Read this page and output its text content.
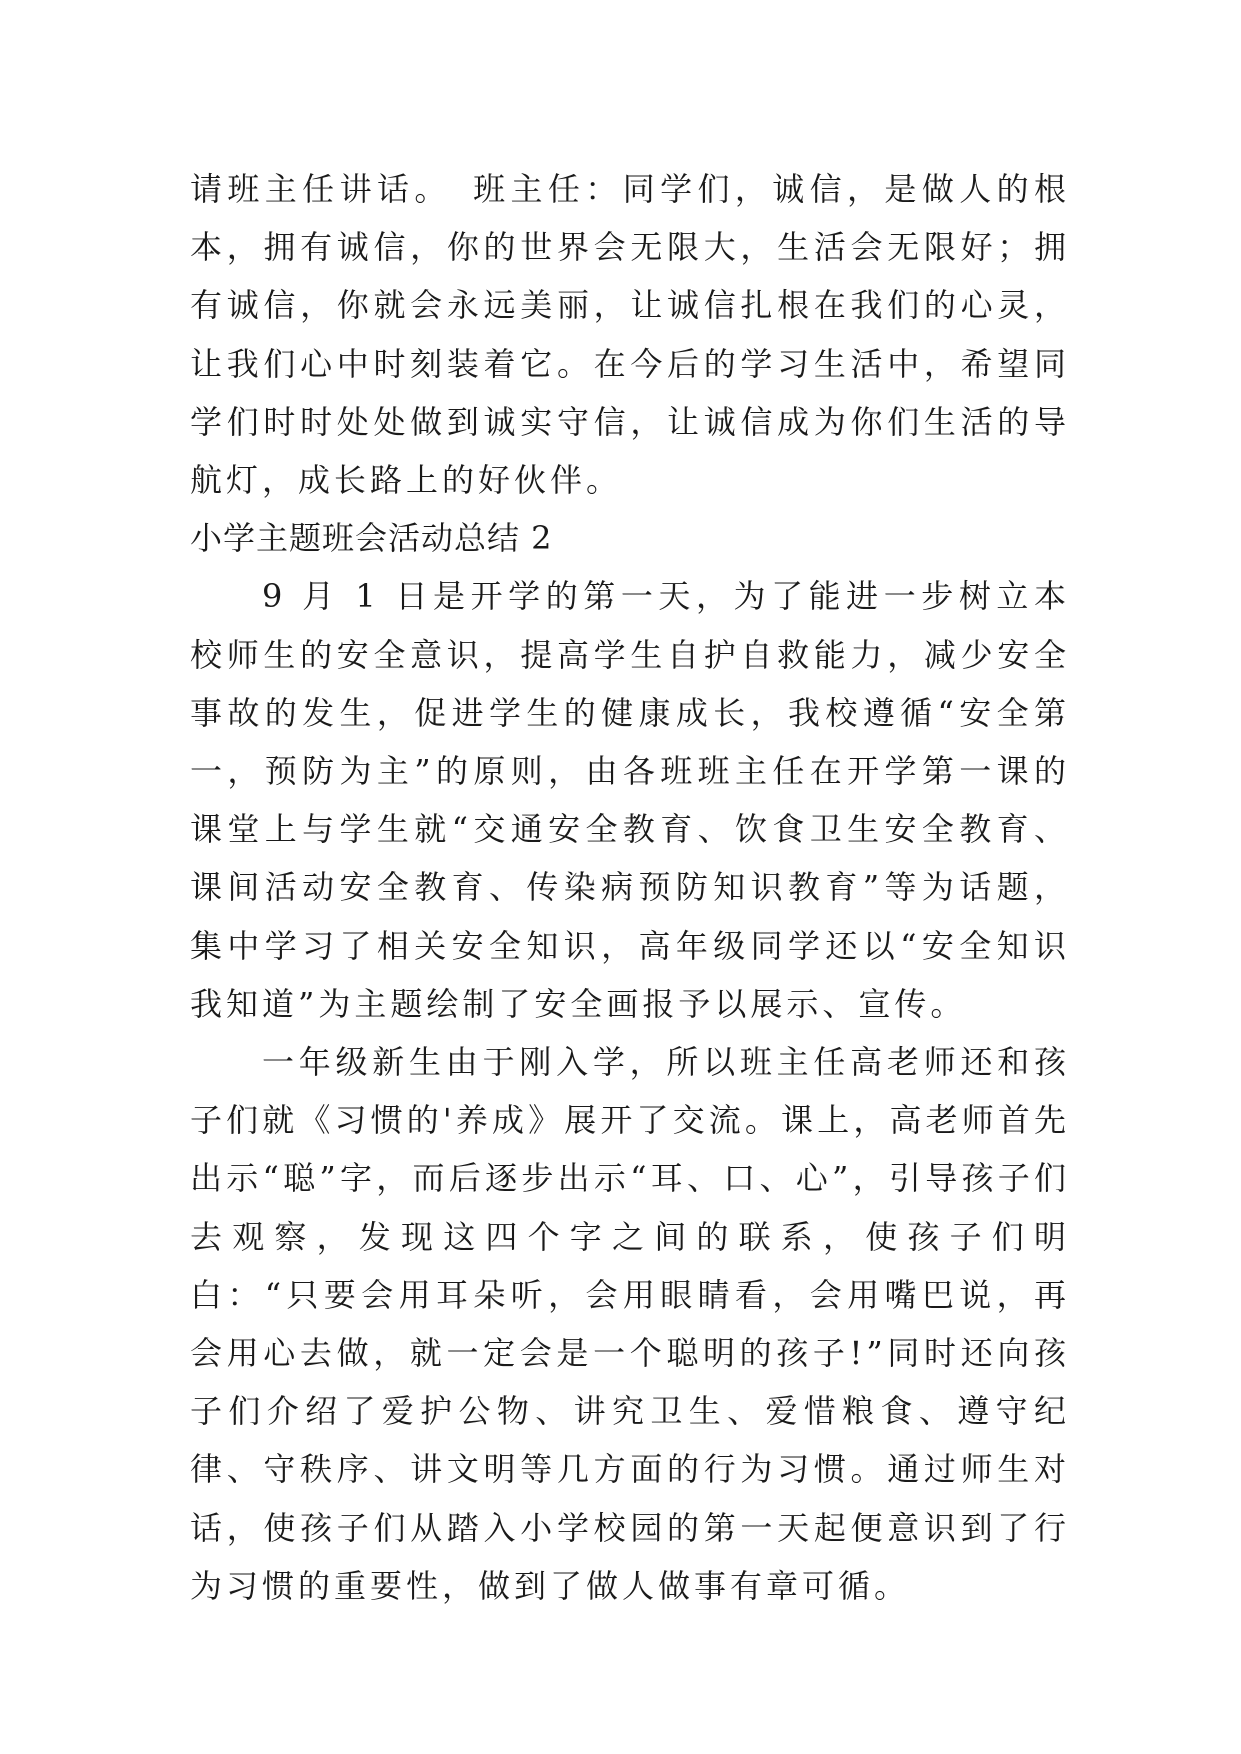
请班主任讲话。　班主任：同学们，诚信，是做人的根本，拥有诚信，你的世界会无限大，生活会无限好；拥有诚信，你就会永远美丽，让诚信扎根在我们的心灵，让我们心中时刻装着它。在今后的学习生活中，希望同学们时时处处做到诚实守信，让诚信成为你们生活的导航灯，成长路上的好伙伴。

小学主题班会活动总结 2

9 月 1 日是开学的第一天，为了能进一步树立本校师生的安全意识，提高学生自护自救能力，减少安全事故的发生，促进学生的健康成长，我校遵循“安全第一，预防为主”的原则，由各班班主任在开学第一课的课堂上与学生就“交通安全教育、饮食卫生安全教育、课间活动安全教育、传染病预防知识教育”等为话题，集中学习了相关安全知识，高年级同学还以“安全知识我知道”为主题绘制了安全画报予以展示、宣传。

一年级新生由于刚入学，所以班主任高老师还和孩子们就《习惯的'养成》展开了交流。课上，高老师首先出示“聪”字，而后逐步出示“耳、口、心”，引导孩子们去观察，发现这四个字之间的联系，使孩子们明白：“只要会用耳朵听，会用眼睛看，会用嘴巴说，再会用心去做，就一定会是一个聪明的孩子!”同时还向孩子们介绍了爱护公物、讲究卫生、爱惜粮食、遵守纪律、守秩序、讲文明等几方面的行为习惯。通过师生对话，使孩子们从踏入小学校园的第一天起便意识到了行为习惯的重要性，做到了做人做事有章可循。
